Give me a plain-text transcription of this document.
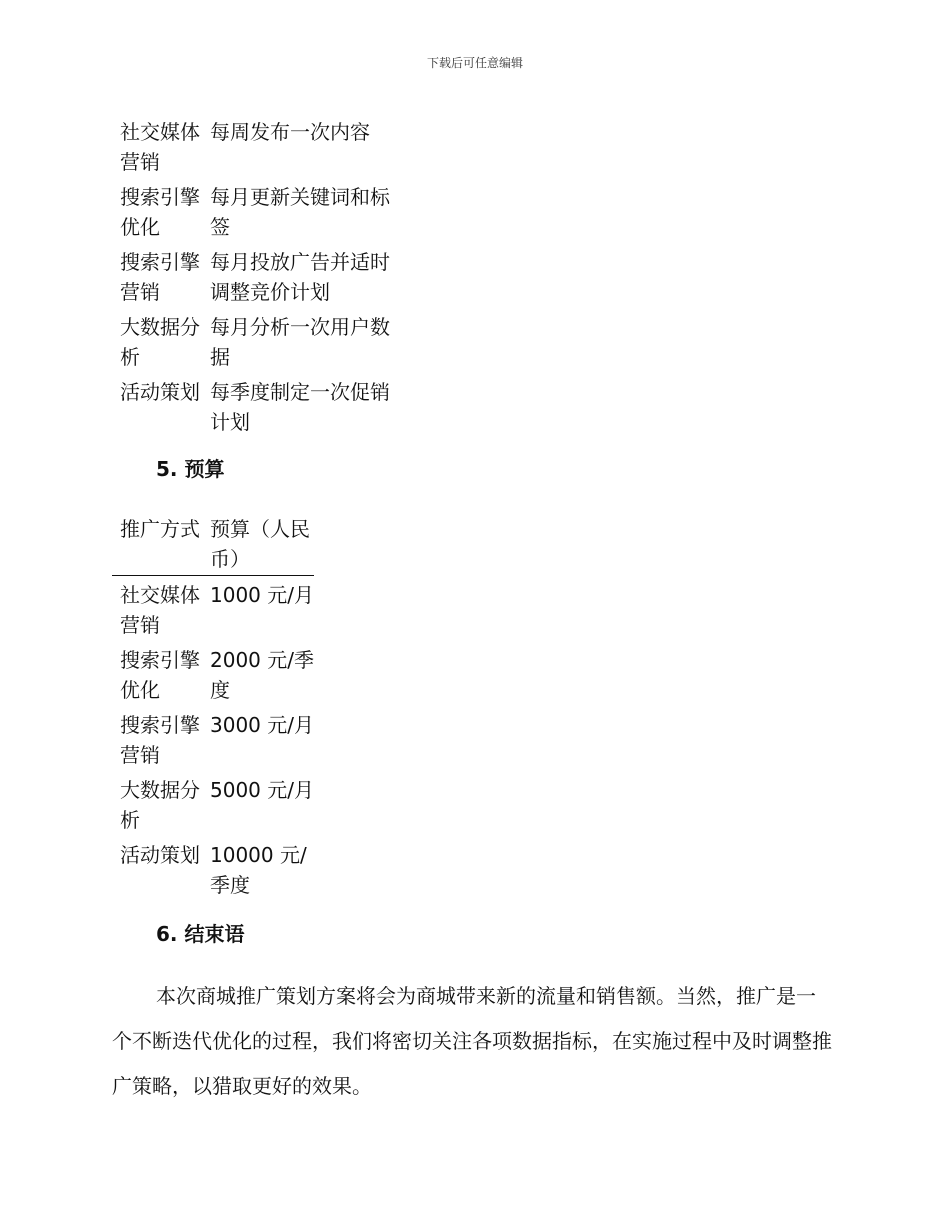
下载后可任意编辑
社交媒体营销	每周发布一次内容
搜索引擎优化	每月更新关键词和标签
搜索引擎营销	每月投放广告并适时调整竞价计划
大数据分析	每月分析一次用户数据
活动策划	每季度制定一次促销计划
5. 预算
推广方式	预算（人民币）
社交媒体营销	1000 元/月
搜索引擎优化	2000 元/季度
搜索引擎营销	3000 元/月
大数据分析	5000 元/月
活动策划	10000 元/季度
6. 结束语

本次商城推广策划方案将会为商城带来新的流量和销售额。当然，推广是一个不断迭代优化的过程，我们将密切关注各项数据指标，在实施过程中及时调整推广策略，以猎取更好的效果。
